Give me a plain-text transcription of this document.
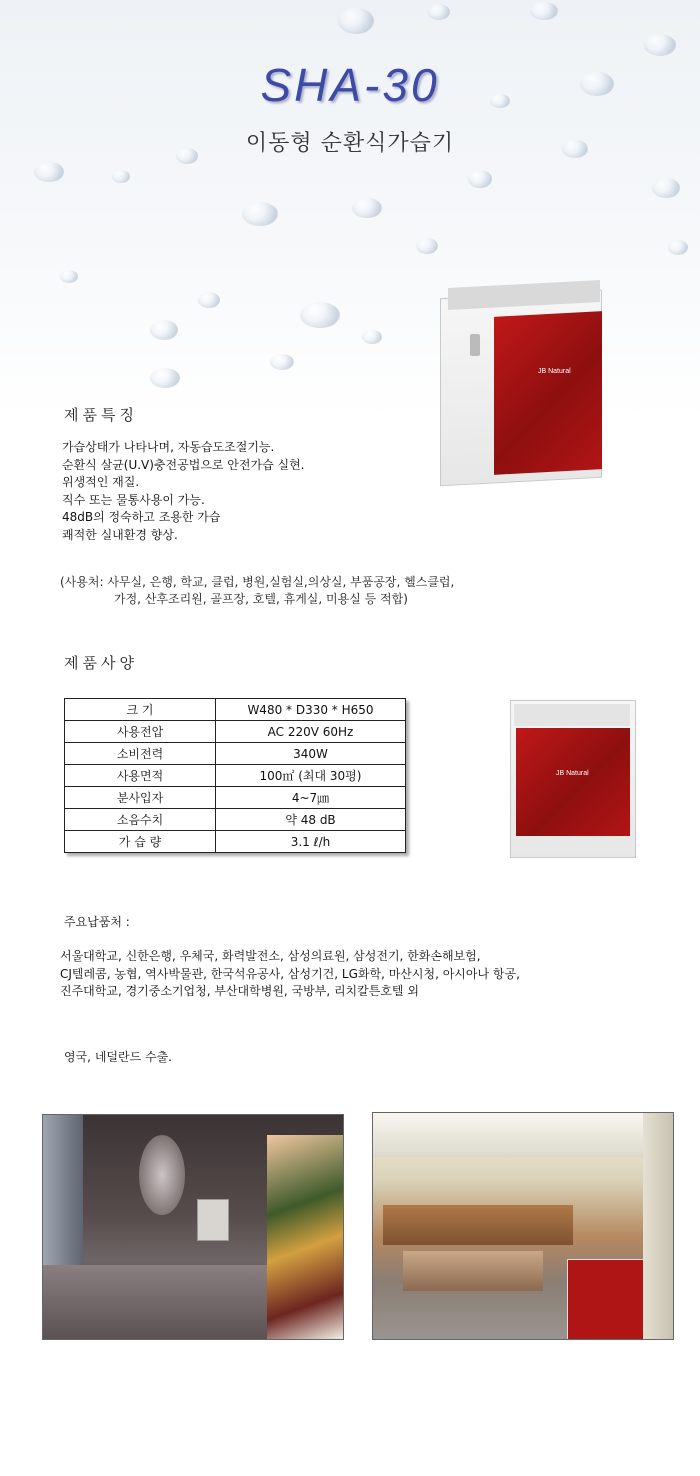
SHA-30
이동형 순환식가습기
JB Natural
제품특징
가습상태가 나타나며, 자동습도조절기능.
순환식 살균(U.V)충전공법으로 안전가습 실현.
위생적인 재질.
직수 또는 물통사용이 가능.
48dB의 정숙하고 조용한 가습
쾌적한 실내환경 향상.
(사용처: 사무실, 은행, 학교, 클럽, 병원,실험실,의상실, 부품공장, 헬스클럽,
가정, 산후조리원, 골프장, 호텔, 휴게실, 미용실 등 적합)
제품사양
크 기	W480 * D330 * H650
사용전압	AC 220V 60Hz
소비전력	340W
사용면적	100㎡ (최대 30평)
분사입자	4~7㎛
소음수치	약 48 dB
가 습 량	3.1 ℓ/h
JB Natural
주요납품처 :
서울대학교, 신한은행, 우체국, 화력발전소, 삼성의료원, 삼성전기, 한화손해보험,
CJ텔레콤, 농협, 역사박물관, 한국석유공사, 삼성기건, LG화학, 마산시청, 아시아나 항공,
진주대학교, 경기중소기업청, 부산대학병원, 국방부, 리치칼튼호텔 외
영국, 네덜란드 수출.
